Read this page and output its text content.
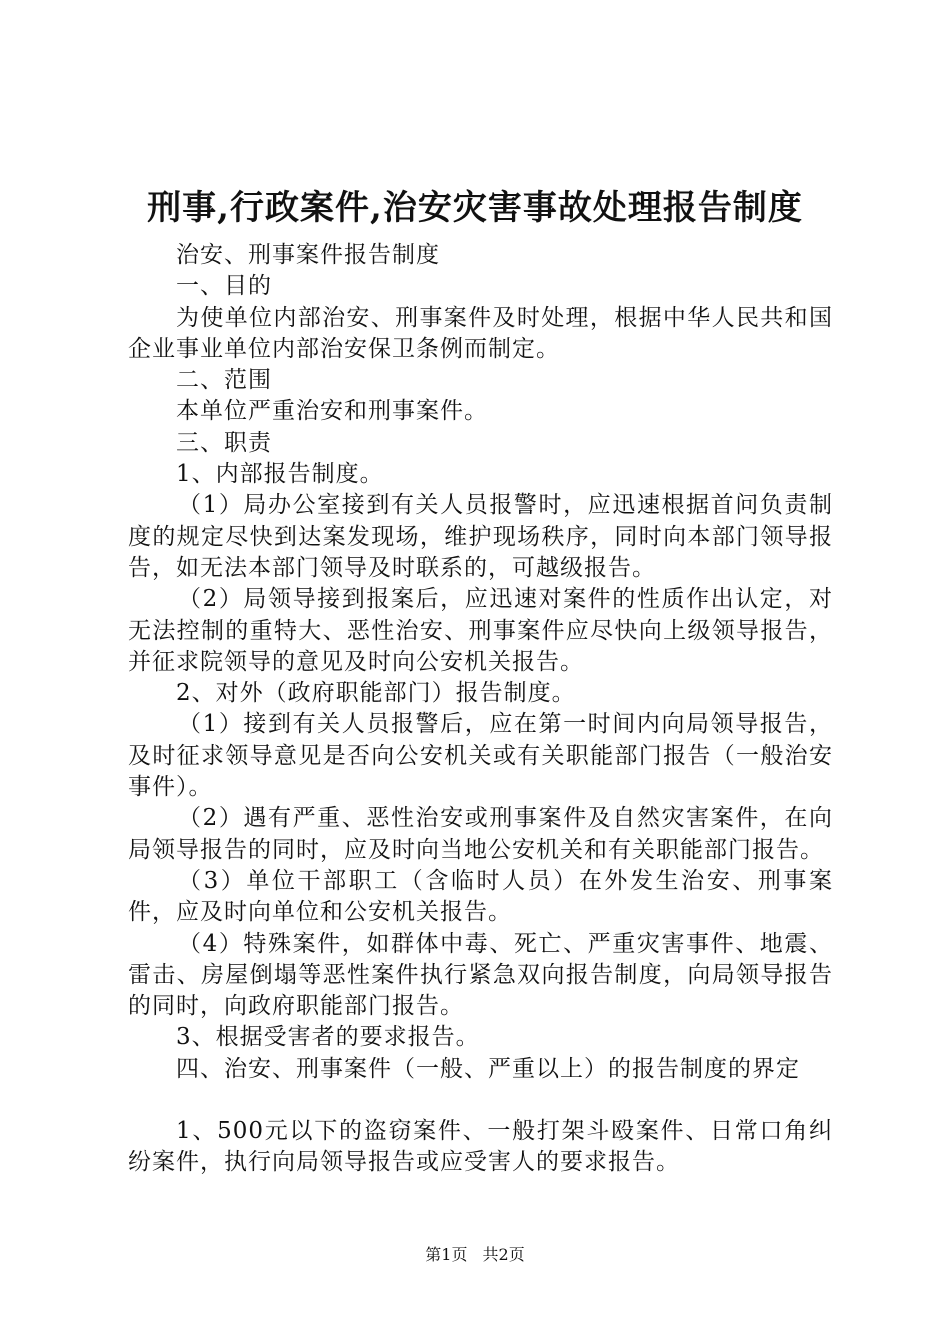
刑事,行政案件,治安灾害事故处理报告制度

治安、刑事案件报告制度

一、目的

为使单位内部治安、刑事案件及时处理，根据中华人民共和国企业事业单位内部治安保卫条例而制定。

二、范围

本单位严重治安和刑事案件。

三、职责

1、内部报告制度。

（1）局办公室接到有关人员报警时，应迅速根据首问负责制度的规定尽快到达案发现场，维护现场秩序，同时向本部门领导报告，如无法本部门领导及时联系的，可越级报告。

（2）局领导接到报案后，应迅速对案件的性质作出认定，对无法控制的重特大、恶性治安、刑事案件应尽快向上级领导报告，并征求院领导的意见及时向公安机关报告。

2、对外（政府职能部门）报告制度。

（1）接到有关人员报警后，应在第一时间内向局领导报告，及时征求领导意见是否向公安机关或有关职能部门报告（一般治安事件）。

（2）遇有严重、恶性治安或刑事案件及自然灾害案件，在向局领导报告的同时，应及时向当地公安机关和有关职能部门报告。

（3）单位干部职工（含临时人员）在外发生治安、刑事案件，应及时向单位和公安机关报告。

（4）特殊案件，如群体中毒、死亡、严重灾害事件、地震、雷击、房屋倒塌等恶性案件执行紧急双向报告制度，向局领导报告的同时，向政府职能部门报告。

3、根据受害者的要求报告。

四、治安、刑事案件（一般、严重以上）的报告制度的界定

1、500元以下的盗窃案件、一般打架斗殴案件、日常口角纠纷案件，执行向局领导报告或应受害人的要求报告。

第1页 共2页
